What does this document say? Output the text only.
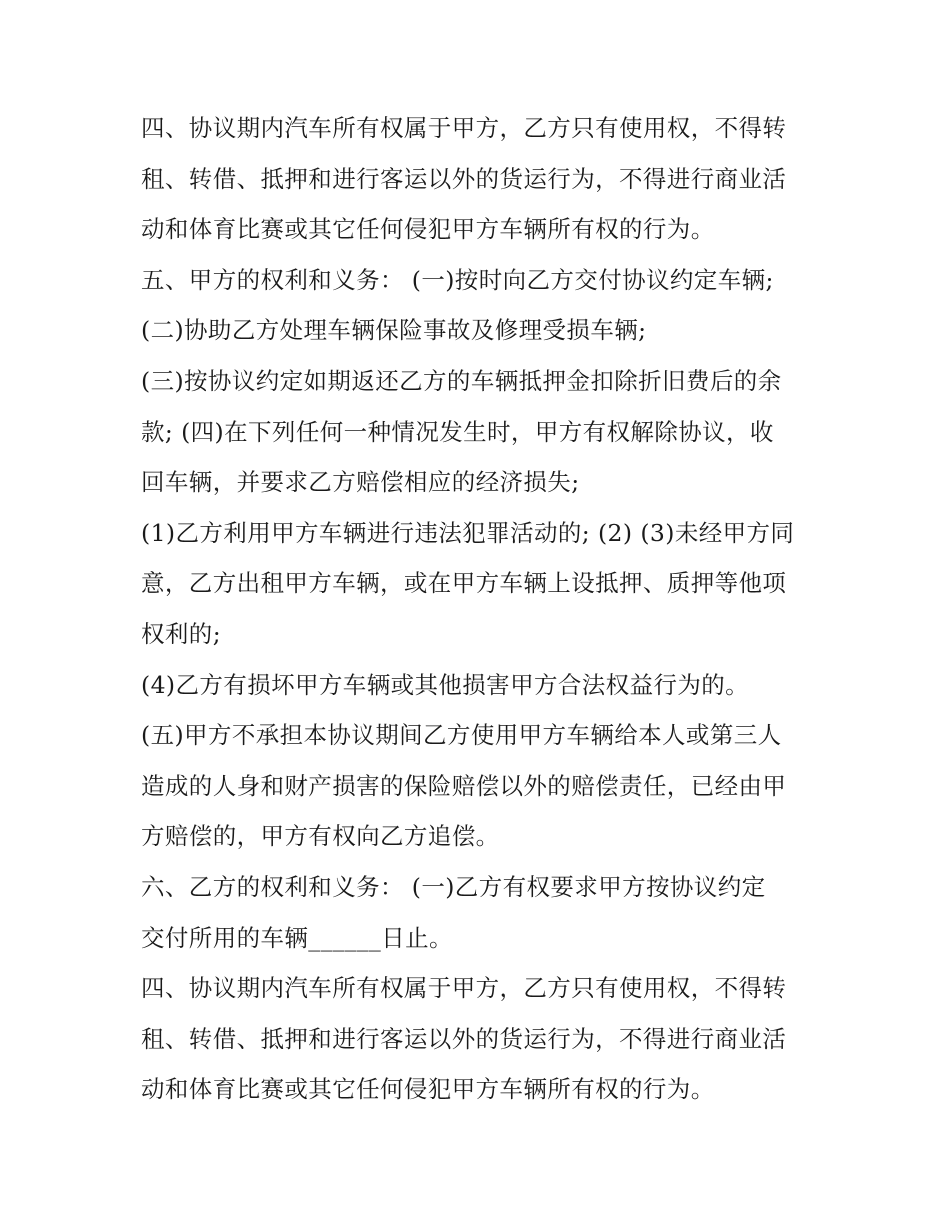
四、协议期内汽车所有权属于甲方，乙方只有使用权，不得转
租、转借、抵押和进行客运以外的货运行为，不得进行商业活
动和体育比赛或其它任何侵犯甲方车辆所有权的行为。

五、甲方的权利和义务： (一)按时向乙方交付协议约定车辆;

(二)协助乙方处理车辆保险事故及修理受损车辆;

(三)按协议约定如期返还乙方的车辆抵押金扣除折旧费后的余
款; (四)在下列任何一种情况发生时，甲方有权解除协议，收
回车辆，并要求乙方赔偿相应的经济损失;

(1)乙方利用甲方车辆进行违法犯罪活动的; (2) (3)未经甲方同
意，乙方出租甲方车辆，或在甲方车辆上设抵押、质押等他项
权利的;

(4)乙方有损坏甲方车辆或其他损害甲方合法权益行为的。

(五)甲方不承担本协议期间乙方使用甲方车辆给本人或第三人
造成的人身和财产损害的保险赔偿以外的赔偿责任，已经由甲
方赔偿的，甲方有权向乙方追偿。

六、乙方的权利和义务： (一)乙方有权要求甲方按协议约定
交付所用的车辆______日止。

四、协议期内汽车所有权属于甲方，乙方只有使用权，不得转
租、转借、抵押和进行客运以外的货运行为，不得进行商业活
动和体育比赛或其它任何侵犯甲方车辆所有权的行为。
